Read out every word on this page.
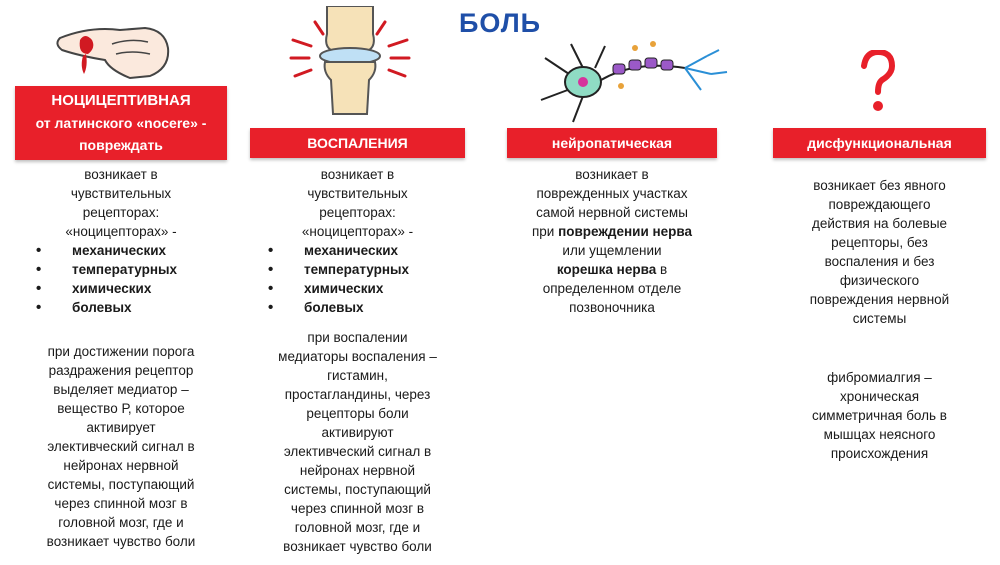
БОЛЬ
НОЦИЦЕПТИВНАЯ
от латинского «nocere» -
повреждать

возникает в

чувствительных

рецепторах:

«ноцицепторах» -

• механических
• температурных
• химических
• болевых

при достижении порога

раздражения рецептор

выделяет медиатор –

вещество Р, которое

активирует

элективческий сигнал в

нейронах нервной

системы, поступающий

через спинной мозг в

головной мозг, где и

возникает чувство боли

ВОСПАЛЕНИЯ

возникает в

чувствительных

рецепторах:

«ноцицепторах» -

• механических
• температурных
• химических
• болевых

при воспалении

медиаторы воспаления –

гистамин,

простагландины, через

рецепторы боли

активируют

элективческий сигнал в

нейронах нервной

системы, поступающий

через спинной мозг в

головной мозг, где и

возникает чувство боли

нейропатическая

возникает в

поврежденных участках

самой нервной системы

при повреждении нерва

или ущемлении

корешка нерва в

определенном отделе

позвоночника

дисфункциональная

возникает без явного

повреждающего

действия на болевые

рецепторы, без

воспаления и без

физического

повреждения нервной

системы

фибромиалгия –

хроническая

симметричная боль в

мышцах неясного

происхождения
